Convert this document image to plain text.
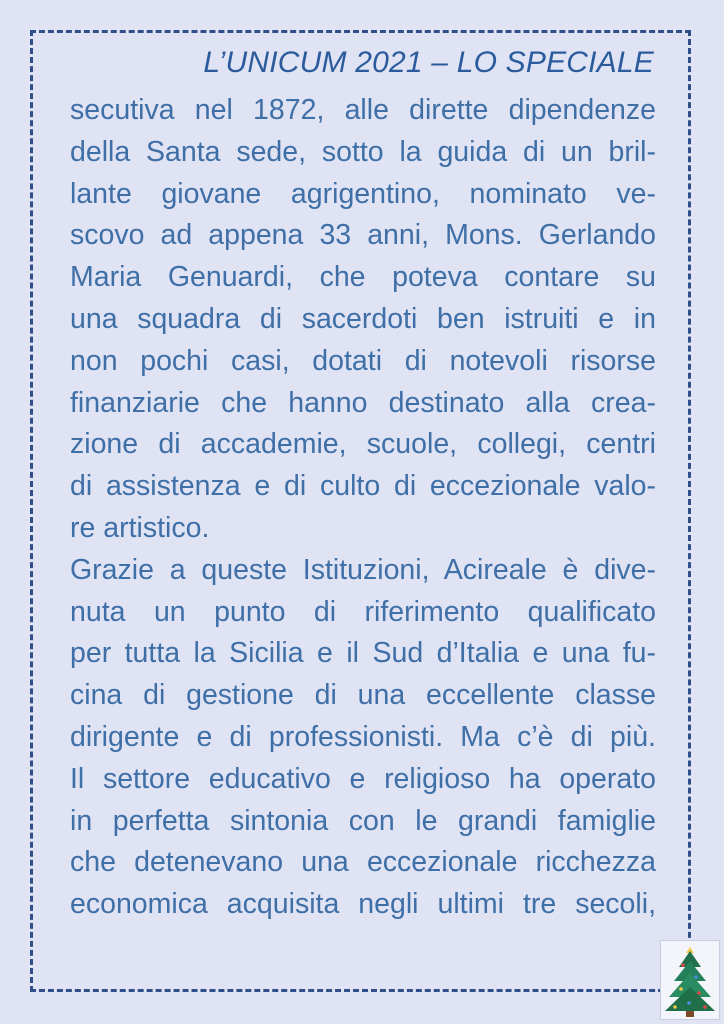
L’UNICUM 2021 – LO SPECIALE
secutiva nel 1872, alle dirette dipendenze
della Santa sede, sotto la guida di un bril-
lante giovane agrigentino, nominato ve-
scovo ad appena 33 anni, Mons. Gerlando
Maria Genuardi, che poteva contare su
una squadra di sacerdoti ben istruiti e in
non pochi casi, dotati di notevoli risorse
finanziarie che hanno destinato alla crea-
zione di accademie, scuole, collegi, centri
di assistenza e di culto di eccezionale valo-
re artistico.
Grazie a queste Istituzioni, Acireale è dive-
nuta un punto di riferimento qualificato
per tutta la Sicilia e il Sud d’Italia e una fu-
cina di gestione di una eccellente classe
dirigente e di professionisti. Ma c’è di più.
Il settore educativo e religioso ha operato
in perfetta sintonia con le grandi famiglie
che detenevano una eccezionale ricchezza
economica acquisita negli ultimi tre secoli,
